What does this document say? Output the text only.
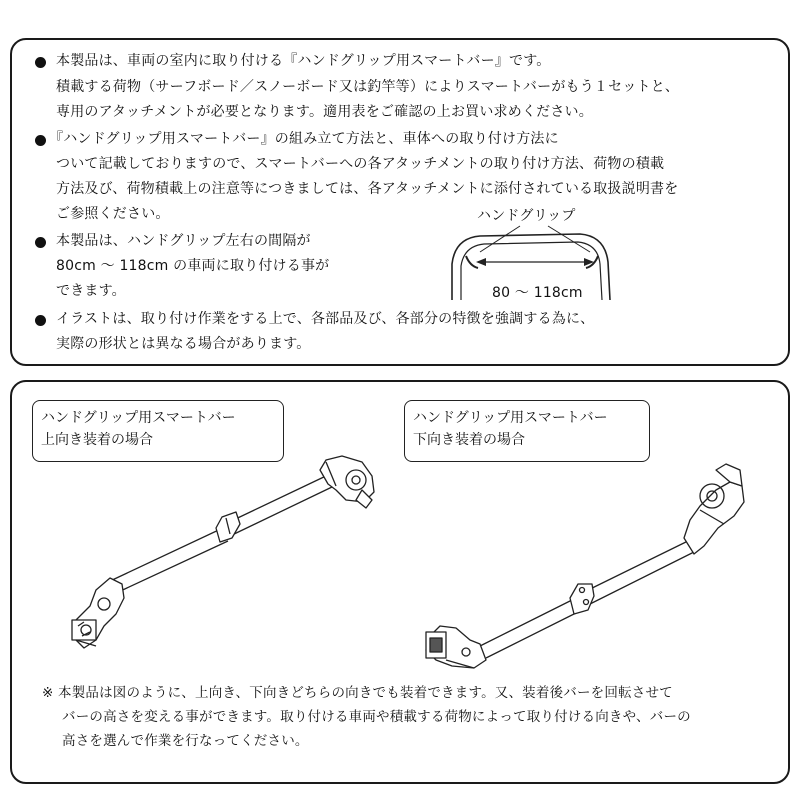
本製品は、車両の室内に取り付ける『ハンドグリップ用スマートバー』です。
積載する荷物（サーフボード／スノーボード又は釣竿等）によりスマートバーがもう１セットと、
専用のアタッチメントが必要となります。適用表をご確認の上お買い求めください。
『ハンドグリップ用スマートバー』の組み立て方法と、車体への取り付け方法に
ついて記載しておりますので、スマートバーへの各アタッチメントの取り付け方法、荷物の積載
方法及び、荷物積載上の注意等につきましては、各アタッチメントに添付されている取扱説明書を
ご参照ください。
本製品は、ハンドグリップ左右の間隔が
80cm ～ 118cm の車両に取り付ける事が
できます。
イラストは、取り付け作業をする上で、各部品及び、各部分の特徴を強調する為に、
実際の形状とは異なる場合があります。
ハンドグリップ
80 ～ 118cm
ハンドグリップ用スマートバー
上向き装着の場合
ハンドグリップ用スマートバー
下向き装着の場合
※ 本製品は図のように、上向き、下向きどちらの向きでも装着できます。又、装着後バーを回転させて
バーの高さを変える事ができます。取り付ける車両や積載する荷物によって取り付ける向きや、バーの
高さを選んで作業を行なってください。
